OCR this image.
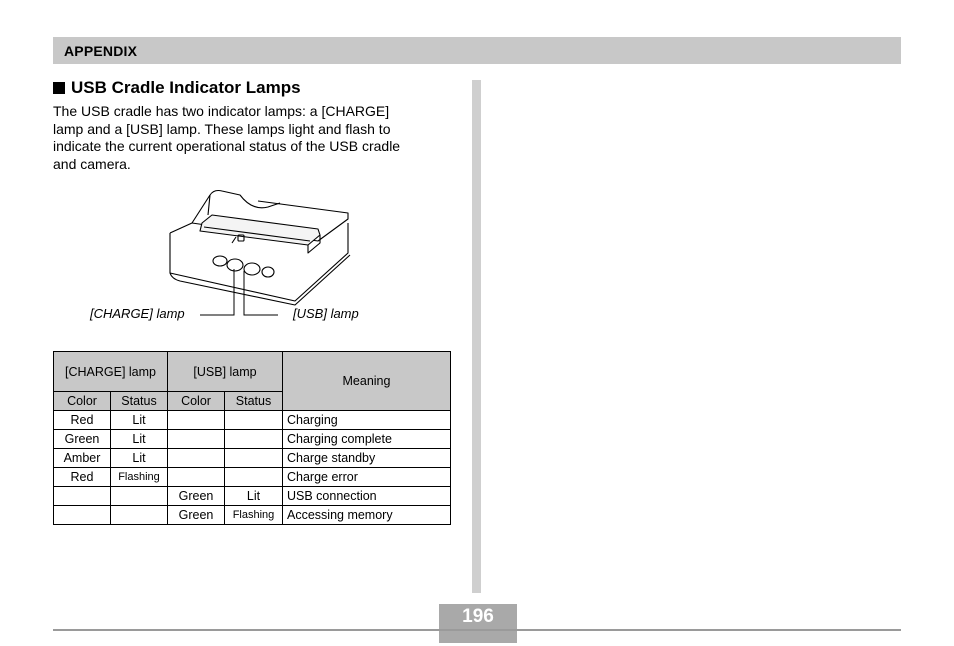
APPENDIX
USB Cradle Indicator Lamps
The USB cradle has two indicator lamps: a [CHARGE]
lamp and a [USB] lamp. These lamps light and flash to
indicate the current operational status of the USB cradle
and camera.
[CHARGE] lamp	[USB] lamp
[CHARGE] lamp		[USB] lamp		Meaning
Color	Status	Color	Status	
Red	Lit			Charging
Green	Lit			Charging complete
Amber	Lit			Charge standby
Red	Flashing			Charge error
		Green	Lit	USB connection
		Green	Flashing	Accessing memory
196
